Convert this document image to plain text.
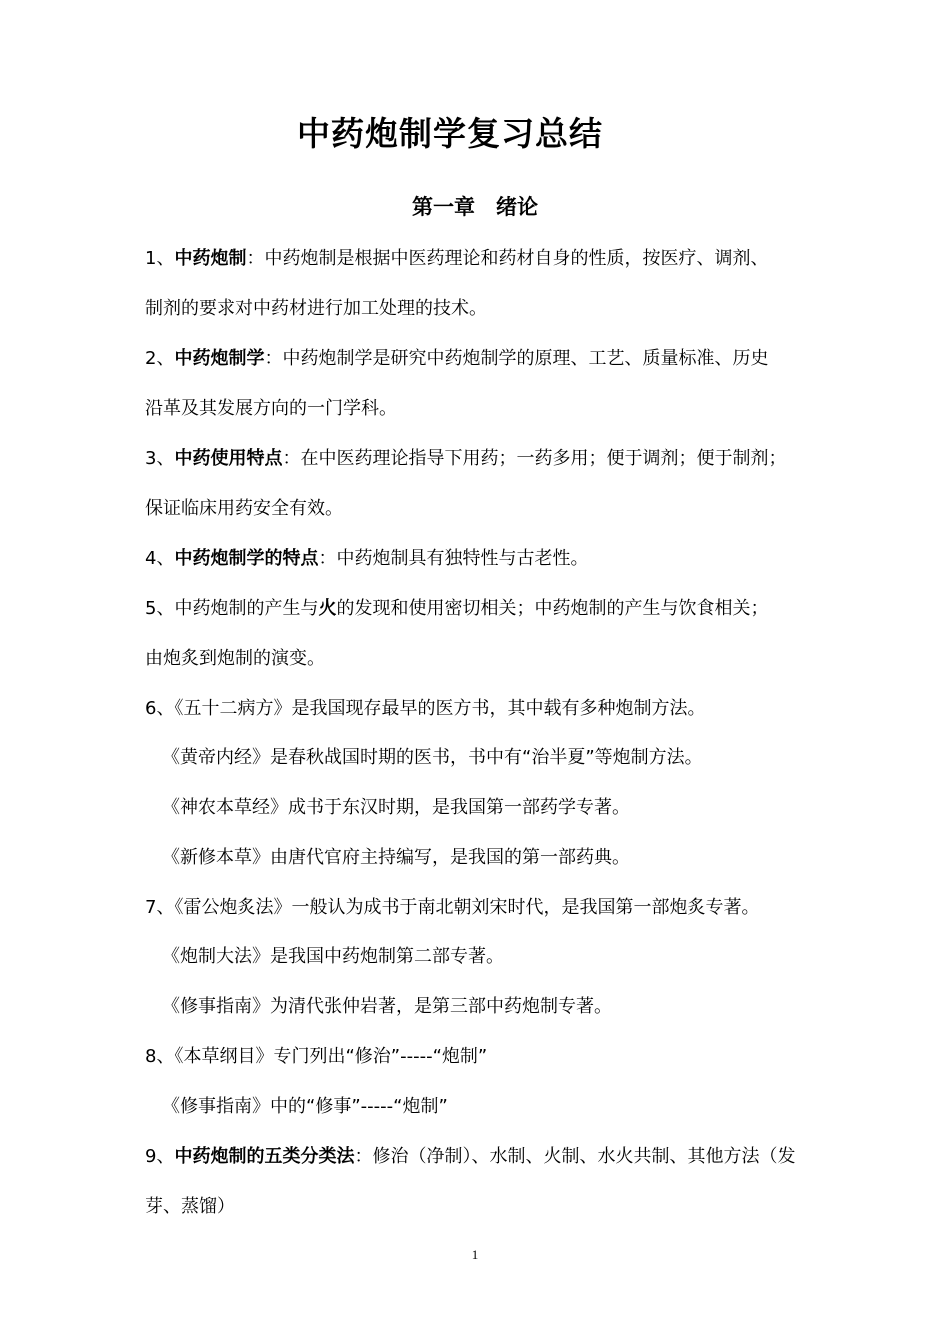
中药炮制学复习总结
第一章　绪论

1、中药炮制：中药炮制是根据中医药理论和药材自身的性质，按医疗、调剂、

制剂的要求对中药材进行加工处理的技术。

2、中药炮制学：中药炮制学是研究中药炮制学的原理、工艺、质量标准、历史

沿革及其发展方向的一门学科。

3、中药使用特点：在中医药理论指导下用药；一药多用；便于调剂；便于制剂；

保证临床用药安全有效。

4、中药炮制学的特点：中药炮制具有独特性与古老性。

5、中药炮制的产生与火的发现和使用密切相关；中药炮制的产生与饮食相关；

由炮炙到炮制的演变。

6、《五十二病方》是我国现存最早的医方书，其中载有多种炮制方法。

《黄帝内经》是春秋战国时期的医书，书中有“治半夏”等炮制方法。

《神农本草经》成书于东汉时期，是我国第一部药学专著。

《新修本草》由唐代官府主持编写，是我国的第一部药典。

7、《雷公炮炙法》一般认为成书于南北朝刘宋时代，是我国第一部炮炙专著。

《炮制大法》是我国中药炮制第二部专著。

《修事指南》为清代张仲岩著，是第三部中药炮制专著。

8、《本草纲目》专门列出“修治”-----“炮制”

《修事指南》中的“修事”-----“炮制”

9、中药炮制的五类分类法：修治（净制）、水制、火制、水火共制、其他方法（发

芽、蒸馏）

1
